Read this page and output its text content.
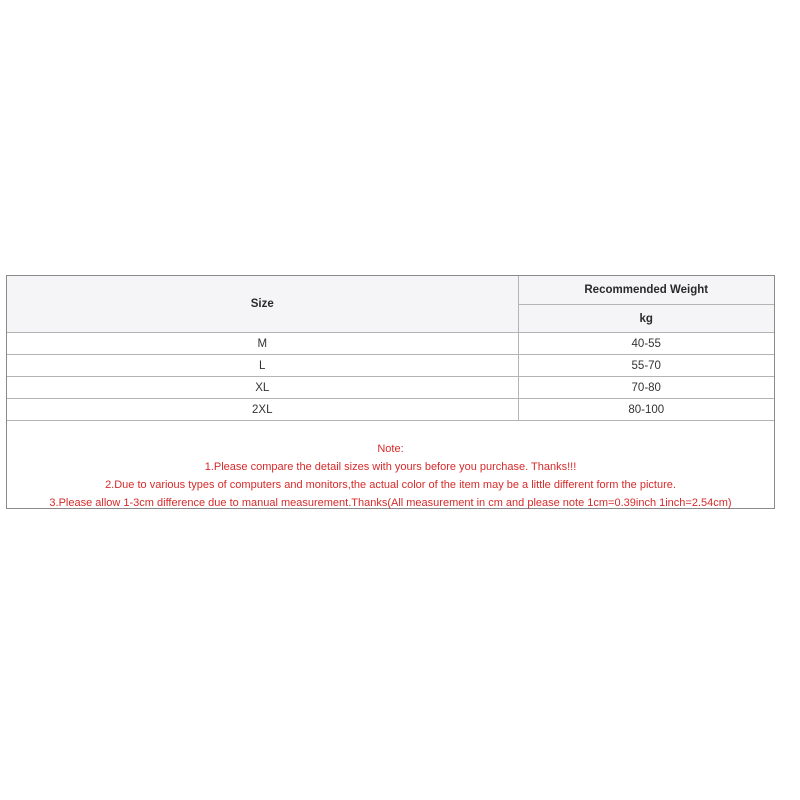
Size	Recommended Weight
	kg
M	40-55
L	55-70
XL	70-80
2XL	80-100
Note:
1.Please compare the detail sizes with yours before you purchase. Thanks!!!
2.Due to various types of computers and monitors,the actual color of the item may be a little different form the picture.
3.Please allow 1-3cm difference due to manual measurement.Thanks(All measurement in cm and please note 1cm=0.39inch 1inch=2.54cm)
